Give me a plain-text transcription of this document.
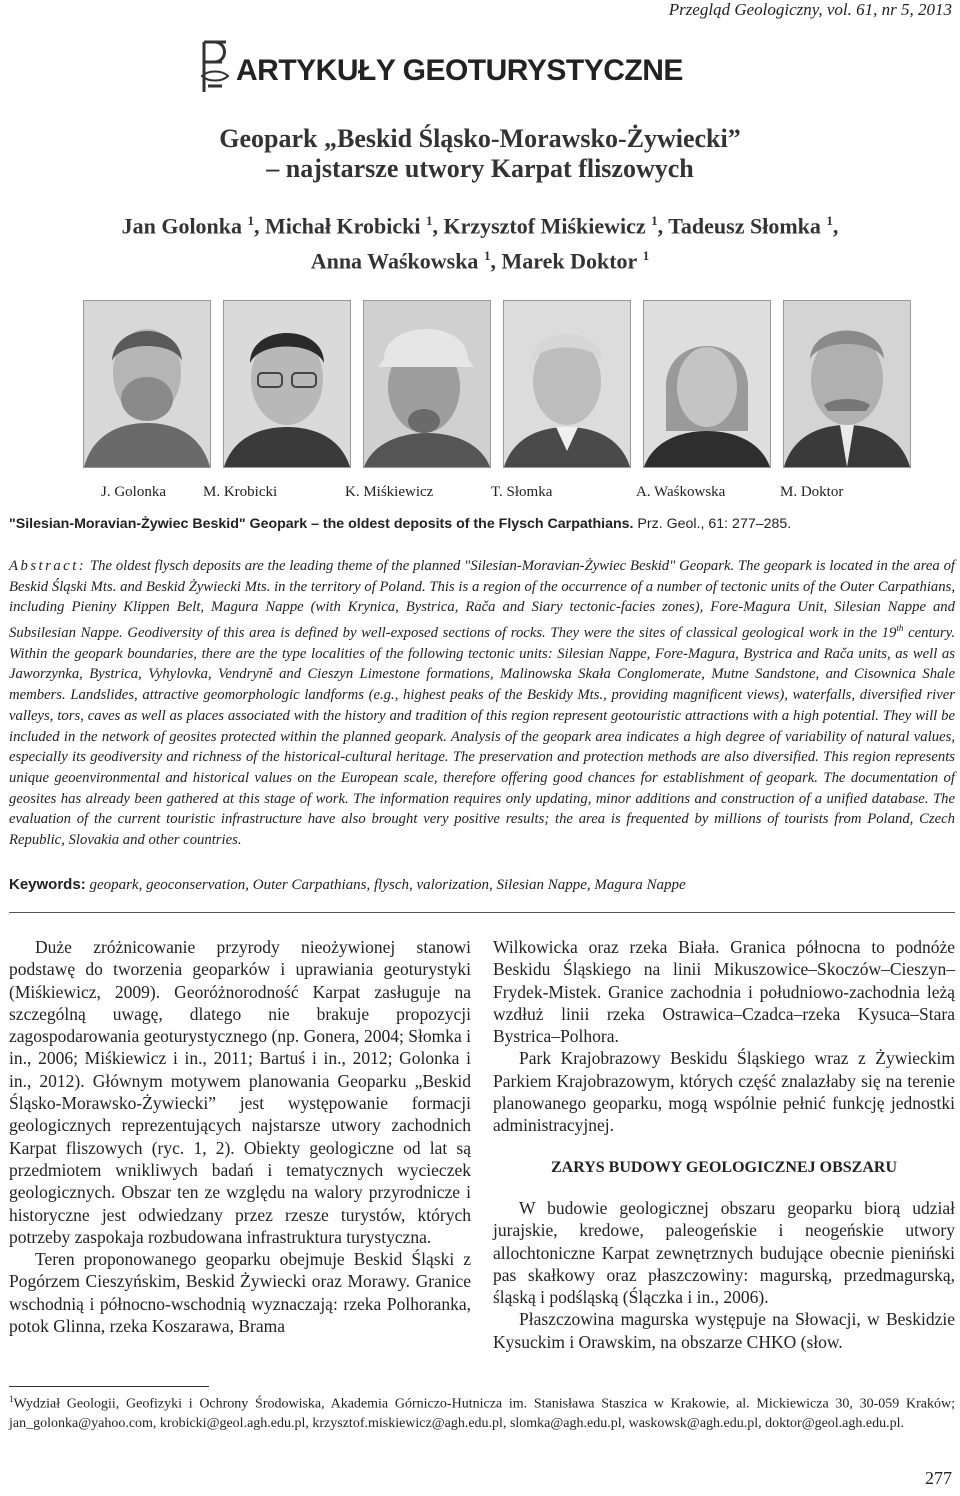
Przegląd Geologiczny, vol. 61, nr 5, 2013
ARTYKUŁY GEOTURYSTYCZNE
Geopark „Beskid Śląsko-Morawsko-Żywiecki”
– najstarsze utwory Karpat fliszowych
Jan Golonka $^1$, Michał Krobicki $^1$, Krzysztof Miśkiewicz $^1$, Tadeusz Słomka $^1$,
Anna Waśkowska $^1$, Marek Doktor $^1$
J. Golonka M. Krobicki	K. Miśkiewicz	T. Słomka	A. Waśkowska	M. Doktor
"Silesian-Moravian-Żywiec Beskid" Geopark – the oldest deposits of the Flysch Carpathians. Prz. Geol., 61: 277–285.
Abstract: The oldest flysch deposits are the leading theme of the planned "Silesian-Moravian-Żywiec Beskid" Geopark. The geopark is located in the area of Beskid Śląski Mts. and Beskid Żywiecki Mts. in the territory of Poland. This is a region of the occurrence of a number of tectonic units of the Outer Carpathians, including Pieniny Klippen Belt, Magura Nappe (with Krynica, Bystrica, Rača and Siary tectonic-facies zones), Fore-Magura Unit, Silesian Nappe and Subsilesian Nappe. Geodiversity of this area is defined by well-exposed sections of rocks. They were the sites of classical geological work in the 19th century. Within the geopark boundaries, there are the type localities of the following tectonic units: Silesian Nappe, Fore-Magura, Bystrica and Rača units, as well as Jaworzynka, Bystrica, Vyhylovka, Vendryně and Cieszyn Limestone formations, Malinowska Skała Conglomerate, Mutne Sandstone, and Cisownica Shale members. Landslides, attractive geomorphologic landforms (e.g., highest peaks of the Beskidy Mts., providing magnificent views), waterfalls, diversified river valleys, tors, caves as well as places associated with the history and tradition of this region represent geotouristic attractions with a high potential. They will be included in the network of geosites protected within the planned geopark. Analysis of the geopark area indicates a high degree of variability of natural values, especially its geodiversity and richness of the historical-cultural heritage. The preservation and protection methods are also diversified. This region represents unique geoenvironmental and historical values on the European scale, therefore offering good chances for establishment of geopark. The documentation of geosites has already been gathered at this stage of work. The information requires only updating, minor additions and construction of a unified database. The evaluation of the current touristic infrastructure have also brought very positive results; the area is frequented by millions of tourists from Poland, Czech Republic, Slovakia and other countries.
Keywords: geopark, geoconservation, Outer Carpathians, flysch, valorization, Silesian Nappe, Magura Nappe

Duże zróżnicowanie przyrody nieożywionej stanowi podstawę do tworzenia geoparków i uprawiania geoturystyki (Miśkiewicz, 2009). Georóżnorodność Karpat zasługuje na szczególną uwagę, dlatego nie brakuje propozycji zagospodarowania geoturystycznego (np. Gonera, 2004; Słomka i in., 2006; Miśkiewicz i in., 2011; Bartuś i in., 2012; Golonka i in., 2012). Głównym motywem planowania Geoparku „Beskid Śląsko-Morawsko-Żywiecki” jest występowanie formacji geologicznych reprezentujących najstarsze utwory zachodnich Karpat fliszowych (ryc. 1, 2). Obiekty geologiczne od lat są przedmiotem wnikliwych badań i tematycznych wycieczek geologicznych. Obszar ten ze względu na walory przyrodnicze i historyczne jest odwiedzany przez rzesze turystów, których potrzeby zaspokaja rozbudowana infrastruktura turystyczna.

Teren proponowanego geoparku obejmuje Beskid Śląski z Pogórzem Cieszyńskim, Beskid Żywiecki oraz Morawy. Granice wschodnią i północno-wschodnią wyznaczają: rzeka Polhoranka, potok Glinna, rzeka Koszarawa, Brama

Wilkowicka oraz rzeka Biała. Granica północna to podnóże Beskidu Śląskiego na linii Mikuszowice–Skoczów–Cieszyn–Frydek-Mistek. Granice zachodnia i południowo-zachodnia leżą wzdłuż linii rzeka Ostrawica–Czadca–rzeka Kysuca–Stara Bystrica–Polhora.

Park Krajobrazowy Beskidu Śląskiego wraz z Żywieckim Parkiem Krajobrazowym, których część znalazłaby się na terenie planowanego geoparku, mogą wspólnie pełnić funkcję jednostki administracyjnej.

ZARYS BUDOWY GEOLOGICZNEJ OBSZARU

W budowie geologicznej obszaru geoparku biorą udział jurajskie, kredowe, paleogeńskie i neogeńskie utwory allochtoniczne Karpat zewnętrznych budujące obecnie pieniński pas skałkowy oraz płaszczowiny: magurską, przedmagurską, śląską i podśląską (Ślączka i in., 2006).

Płaszczowina magurska występuje na Słowacji, w Beskidzie Kysuckim i Orawskim, na obszarze CHKO (słow.

$^1$Wydział Geologii, Geofizyki i Ochrony Środowiska, Akademia Górniczo-Hutnicza im. Stanisława Staszica w Krakowie, al. Mickiewicza 30, 30-059 Kraków; jan_golonka@yahoo.com, krobicki@geol.agh.edu.pl, krzysztof.miskiewicz@agh.edu.pl, slomka@agh.edu.pl, waskowsk@agh.edu.pl, doktor@geol.agh.edu.pl.
277
